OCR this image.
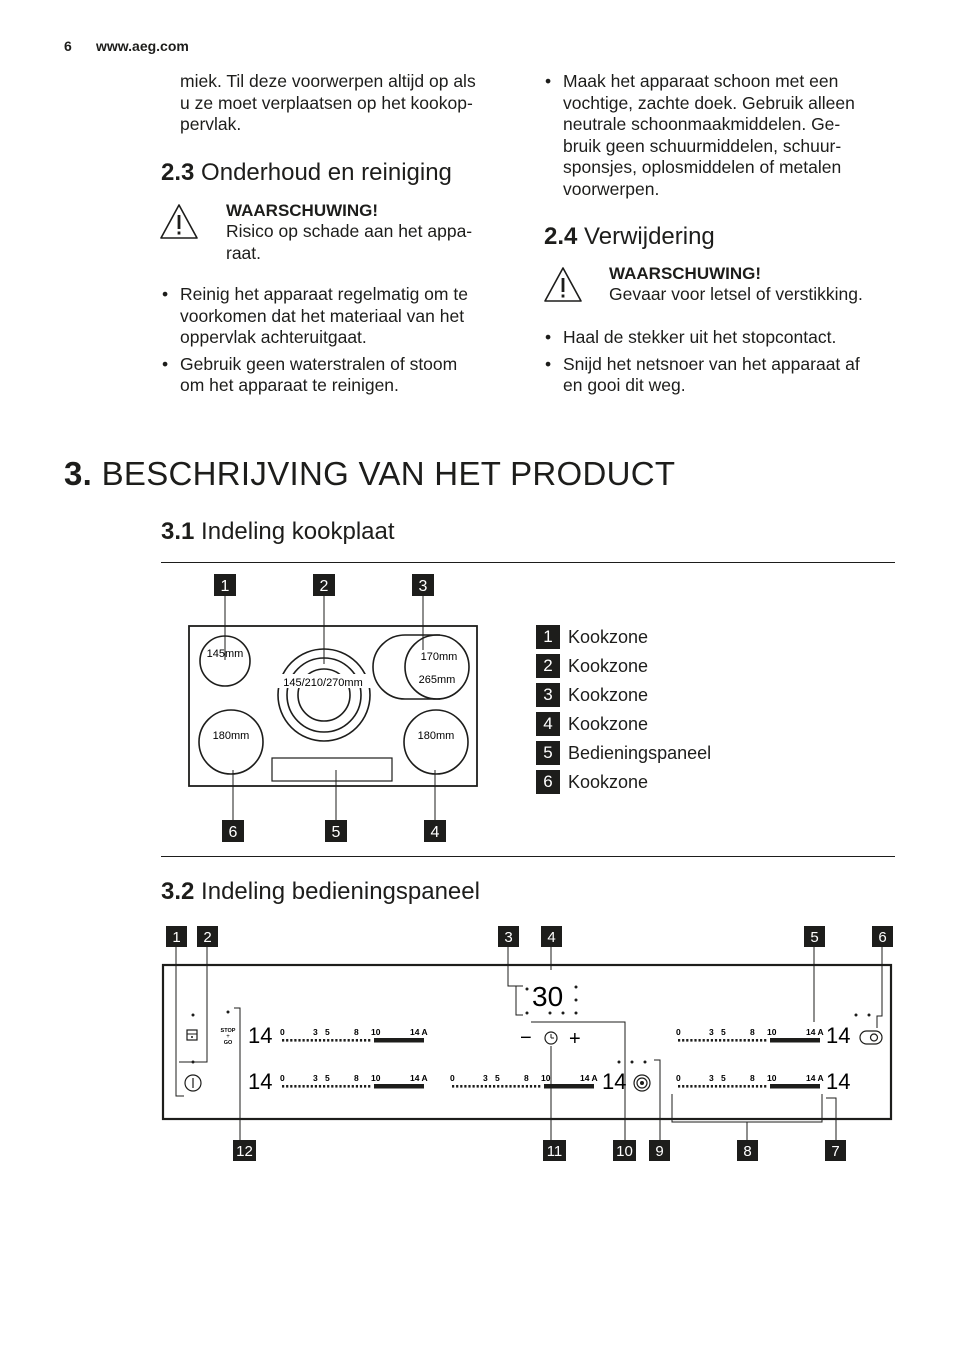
6 www.aeg.com

miek. Til deze voorwerpen altijd op als

u ze moet verplaatsen op het kookop-

pervlak.

2.3 Onderhoud en reiniging
WAARSCHUWING!
Risico op schade aan het appa-
raat.

• Reinig het apparaat regelmatig om te

voorkomen dat het materiaal van het

oppervlak achteruitgaat.

• Gebruik geen waterstralen of stoom

om het apparaat te reinigen.

• Maak het apparaat schoon met een

vochtige, zachte doek. Gebruik alleen

neutrale schoonmaakmiddelen. Ge-

bruik geen schuurmiddelen, schuur-

sponsjes, oplosmiddelen of metalen

voorwerpen.

2.4 Verwijdering
WAARSCHUWING!
Gevaar voor letsel of verstikking.

• Haal de stekker uit het stopcontact.

• Snijd het netsnoer van het apparaat af

en gooi dit weg.

3. BESCHRIJVING VAN HET PRODUCT
3.1 Indeling kookplaat
1	2	3
145mm
145/210/270mm
170mm
265mm
180mm	180mm
6	5	4
1 Kookzone
2 Kookzone
3 Kookzone
4 Kookzone
5 Bedieningspaneel
6 Kookzone
3.2 Indeling bedieningspaneel
1 2	3 4	5	6
STOP
+
GO 14 0	3 5	8 10	14 A
14 0	3 5	8 10	14 A
30
− +
0	3 5	8 10	14 A 14
0	3 5	8 10	14 A 14
0	3 5	8 10	14 A 14
12	11	10 9	8	7
